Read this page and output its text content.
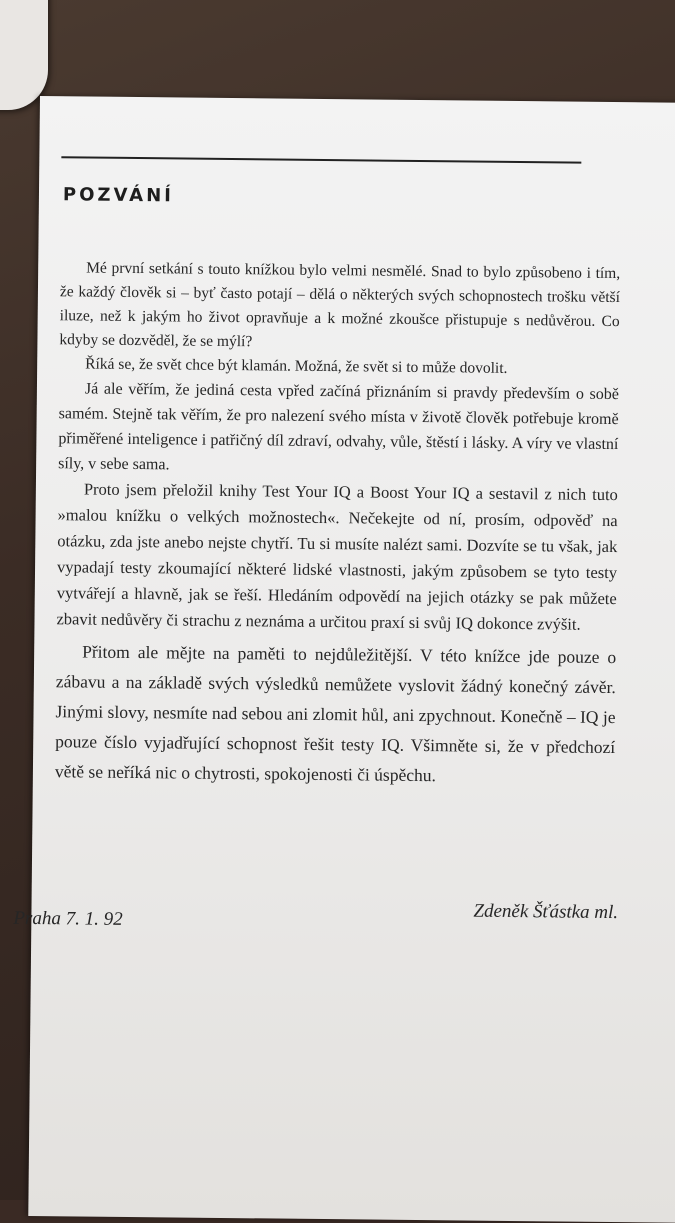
POZVÁNÍ

Mé první setkání s touto knížkou bylo velmi nesmělé. Snad to bylo způsobeno i tím, že každý člověk si – byť často potají – dělá o některých svých schopnostech trošku větší iluze, než k jakým ho život opravňuje a k možné zkoušce přistupuje s nedůvěrou. Co kdyby se dozvěděl, že se mýlí?

Říká se, že svět chce být klamán. Možná, že svět si to může dovolit.

Já ale věřím, že jediná cesta vpřed začíná přiznáním si pravdy především o sobě samém. Stejně tak věřím, že pro nalezení svého místa v životě člověk potřebuje kromě přiměřené inteligence i patřičný díl zdraví, odvahy, vůle, štěstí i lásky. A víry ve vlastní síly, v sebe sama.

Proto jsem přeložil knihy Test Your IQ a Boost Your IQ a sestavil z nich tuto »malou knížku o velkých možnostech«. Nečekejte od ní, prosím, odpověď na otázku, zda jste anebo nejste chytří. Tu si musíte nalézt sami. Dozvíte se tu však, jak vypadají testy zkoumající některé lidské vlastnosti, jakým způsobem se tyto testy vytvářejí a hlavně, jak se řeší. Hledáním odpovědí na jejich otázky se pak můžete zbavit nedůvěry či strachu z neznáma a určitou praxí si svůj IQ dokonce zvýšit.

Přitom ale mějte na paměti to nejdůležitější. V této knížce jde pouze o zábavu a na základě svých výsledků nemůžete vyslovit žádný konečný závěr. Jinými slovy, nesmíte nad sebou ani zlomit hůl, ani zpychnout. Konečně – IQ je pouze číslo vyjadřující schopnost řešit testy IQ. Všimněte si, že v předchozí větě se neříká nic o chytrosti, spokojenosti či úspěchu.

Praha 7. 1. 92	Zdeněk Šťástka ml.
